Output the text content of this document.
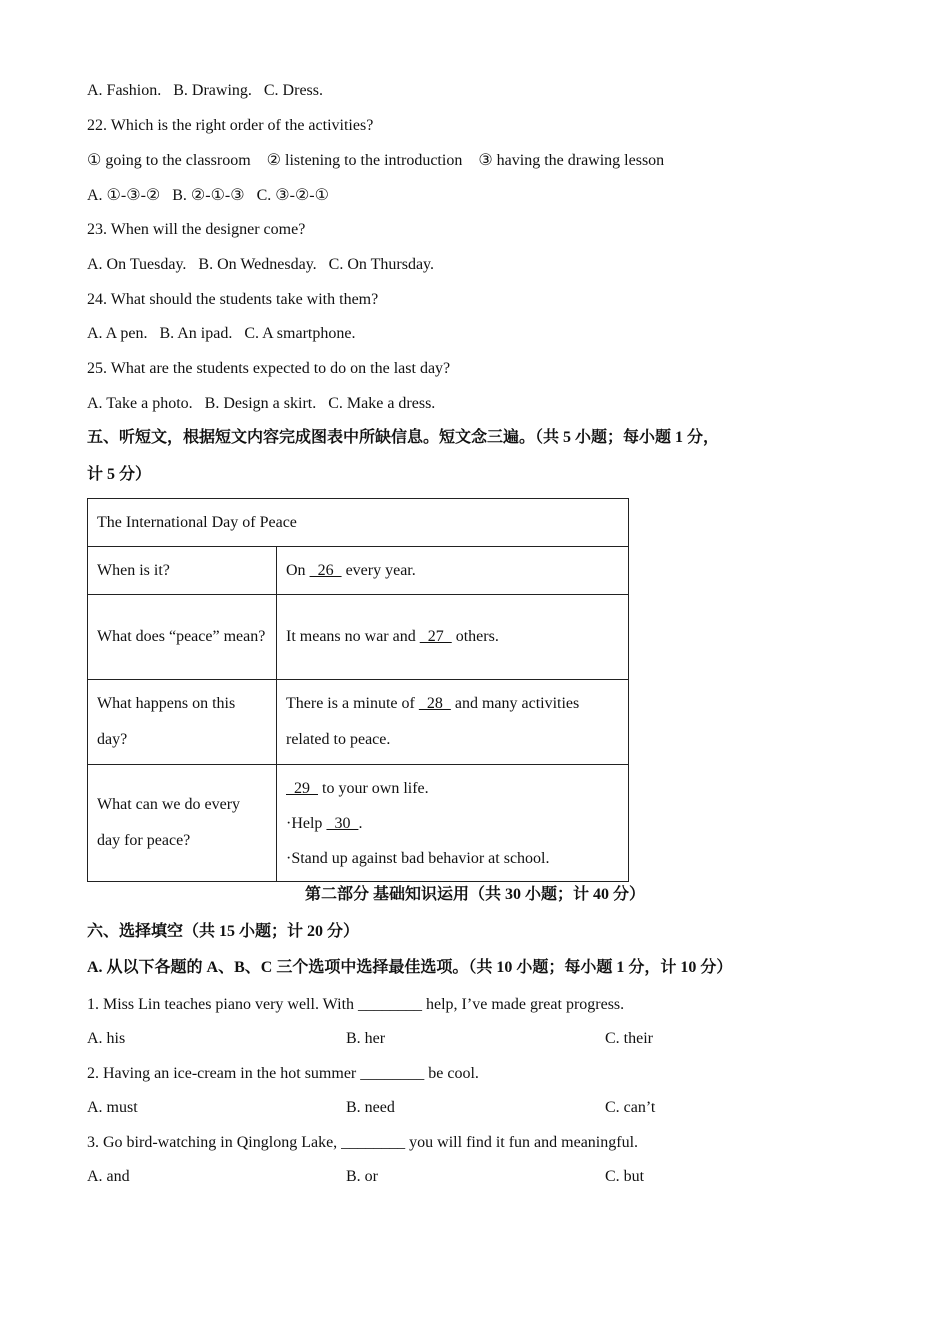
A. Fashion.   B. Drawing.   C. Dress.
22. Which is the right order of the activities?
① going to the classroom    ② listening to the introduction    ③ having the drawing lesson
A. ①-③-②   B. ②-①-③   C. ③-②-①
23. When will the designer come?
A. On Tuesday.   B. On Wednesday.   C. On Thursday.
24. What should the students take with them?
A. A pen.   B. An ipad.   C. A smartphone.
25. What are the students expected to do on the last day?
A. Take a photo.   B. Design a skirt.   C. Make a dress.
五、听短文，根据短文内容完成图表中所缺信息。短文念三遍。（共 5 小题；每小题 1 分，
计 5 分）
The International Day of Peace	
When is it?	On   26   every year.
What does “peace” mean?	It means no war and   27   others.
What happens on this day?	There is a minute of   28   and many activities related to peace.
What can we do every day for peace?	29   to your own life.
·Help   30  .
·Stand up against bad behavior at school.
第二部分 基础知识运用（共 30 小题；计 40 分）
六、选择填空（共 15 小题；计 20 分）
A. 从以下各题的 A、B、C 三个选项中选择最佳选项。（共 10 小题；每小题 1 分，计 10 分）
1. Miss Lin teaches piano very well. With ________ help, I’ve made great progress.
A. his	B. her	C. their
2. Having an ice-cream in the hot summer ________ be cool.
A. must	B. need	C. can’t
3. Go bird-watching in Qinglong Lake, ________ you will find it fun and meaningful.
A. and	B. or	C. but
